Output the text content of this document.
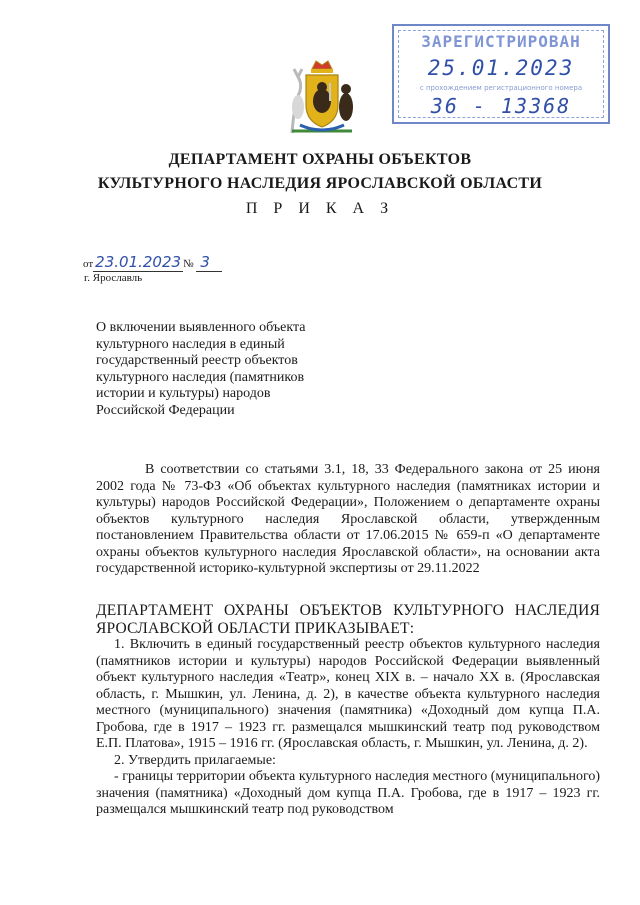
ЗАРЕГИСТРИРОВАН
25.01.2023
с прохождением регистрационного номера
36 - 13368
ДЕПАРТАМЕНТ ОХРАНЫ ОБЪЕКТОВ
КУЛЬТУРНОГО НАСЛЕДИЯ ЯРОСЛАВСКОЙ ОБЛАСТИ
П Р И К А З
от 23.01.2023 № 3
г. Ярославль
О включении выявленного объекта
культурного наследия в единый
государственный реестр объектов
культурного наследия (памятников
истории и культуры) народов
Российской Федерации

В соответствии со статьями 3.1, 18, 33 Федерального закона от 25 июня 2002 года № 73-ФЗ «Об объектах культурного наследия (памятниках истории и культуры) народов Российской Федерации», Положением о департаменте охраны объектов культурного наследия Ярославской области, утвержденным постановлением Правительства области от 17.06.2015 № 659-п «О департаменте охраны объектов культурного наследия Ярославской области», на основании акта государственной историко-культурной экспертизы от 29.11.2022

ДЕПАРТАМЕНТ ОХРАНЫ ОБЪЕКТОВ КУЛЬТУРНОГО НАСЛЕДИЯ ЯРОСЛАВСКОЙ ОБЛАСТИ ПРИКАЗЫВАЕТ:

1. Включить в единый государственный реестр объектов культурного наследия (памятников истории и культуры) народов Российской Федерации выявленный объект культурного наследия «Театр», конец XIX в. – начало XX в. (Ярославская область, г. Мышкин, ул. Ленина, д. 2), в качестве объекта культурного наследия местного (муниципального) значения (памятника) «Доходный дом купца П.А. Гробова, где в 1917 – 1923 гг. размещался мышкинский театр под руководством Е.П. Платова», 1915 – 1916 гг. (Ярославская область, г. Мышкин, ул. Ленина, д. 2).

2. Утвердить прилагаемые:

- границы территории объекта культурного наследия местного (муниципального) значения (памятника) «Доходный дом купца П.А. Гробова, где в 1917 – 1923 гг. размещался мышкинский театр под руководством
